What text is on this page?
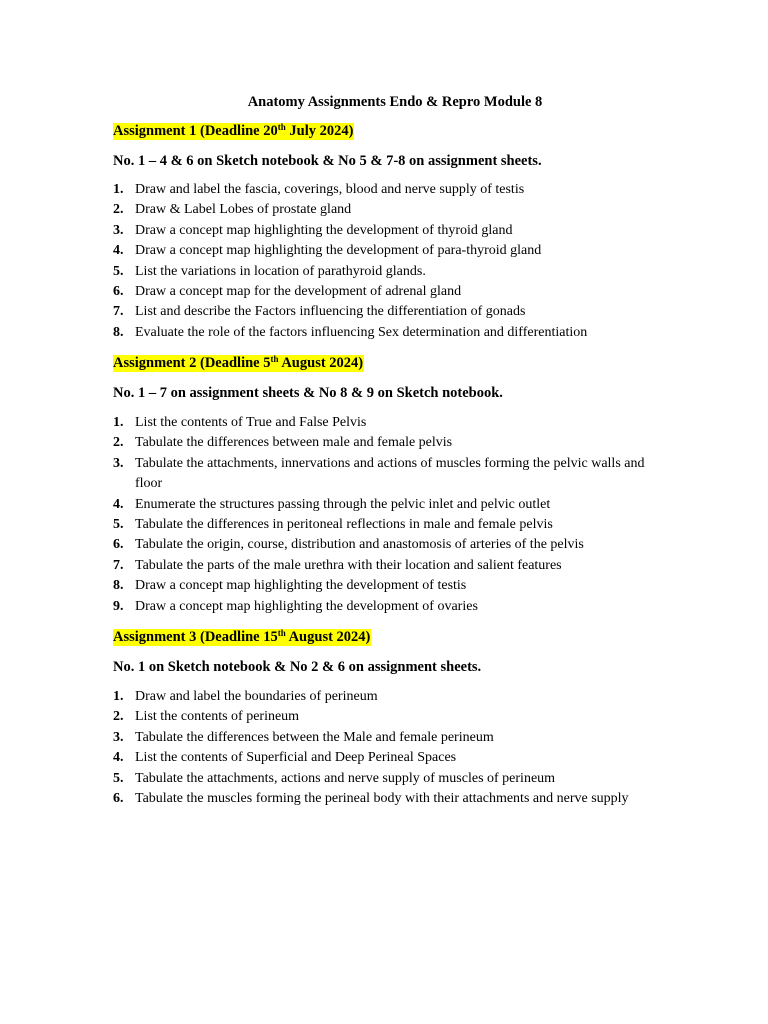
Anatomy Assignments Endo & Repro Module 8
Assignment 1 (Deadline 20th July 2024)
No. 1 – 4 & 6 on Sketch notebook & No 5 & 7-8 on assignment sheets.
1. Draw and label the fascia, coverings, blood and nerve supply of testis
2. Draw & Label Lobes of prostate gland
3. Draw a concept map highlighting the development of thyroid gland
4. Draw a concept map highlighting the development of para-thyroid gland
5. List the variations in location of parathyroid glands.
6. Draw a concept map for the development of adrenal gland
7. List and describe the Factors influencing the differentiation of gonads
8. Evaluate the role of the factors influencing Sex determination and differentiation
Assignment 2 (Deadline 5th August 2024)
No. 1 – 7 on assignment sheets & No 8 & 9 on Sketch notebook.
1. List the contents of True and False Pelvis
2. Tabulate the differences between male and female pelvis
3. Tabulate the attachments, innervations and actions of muscles forming the pelvic walls and floor
4. Enumerate the structures passing through the pelvic inlet and pelvic outlet
5. Tabulate the differences in peritoneal reflections in male and female pelvis
6. Tabulate the origin, course, distribution and anastomosis of arteries of the pelvis
7. Tabulate the parts of the male urethra with their location and salient features
8. Draw a concept map highlighting the development of testis
9. Draw a concept map highlighting the development of ovaries
Assignment 3 (Deadline 15th August 2024)
No. 1 on Sketch notebook & No 2 & 6 on assignment sheets.
1. Draw and label the boundaries of perineum
2. List the contents of perineum
3. Tabulate the differences between the Male and female perineum
4. List the contents of Superficial and Deep Perineal Spaces
5. Tabulate the attachments, actions and nerve supply of muscles of perineum
6. Tabulate the muscles forming the perineal body with their attachments and nerve supply
